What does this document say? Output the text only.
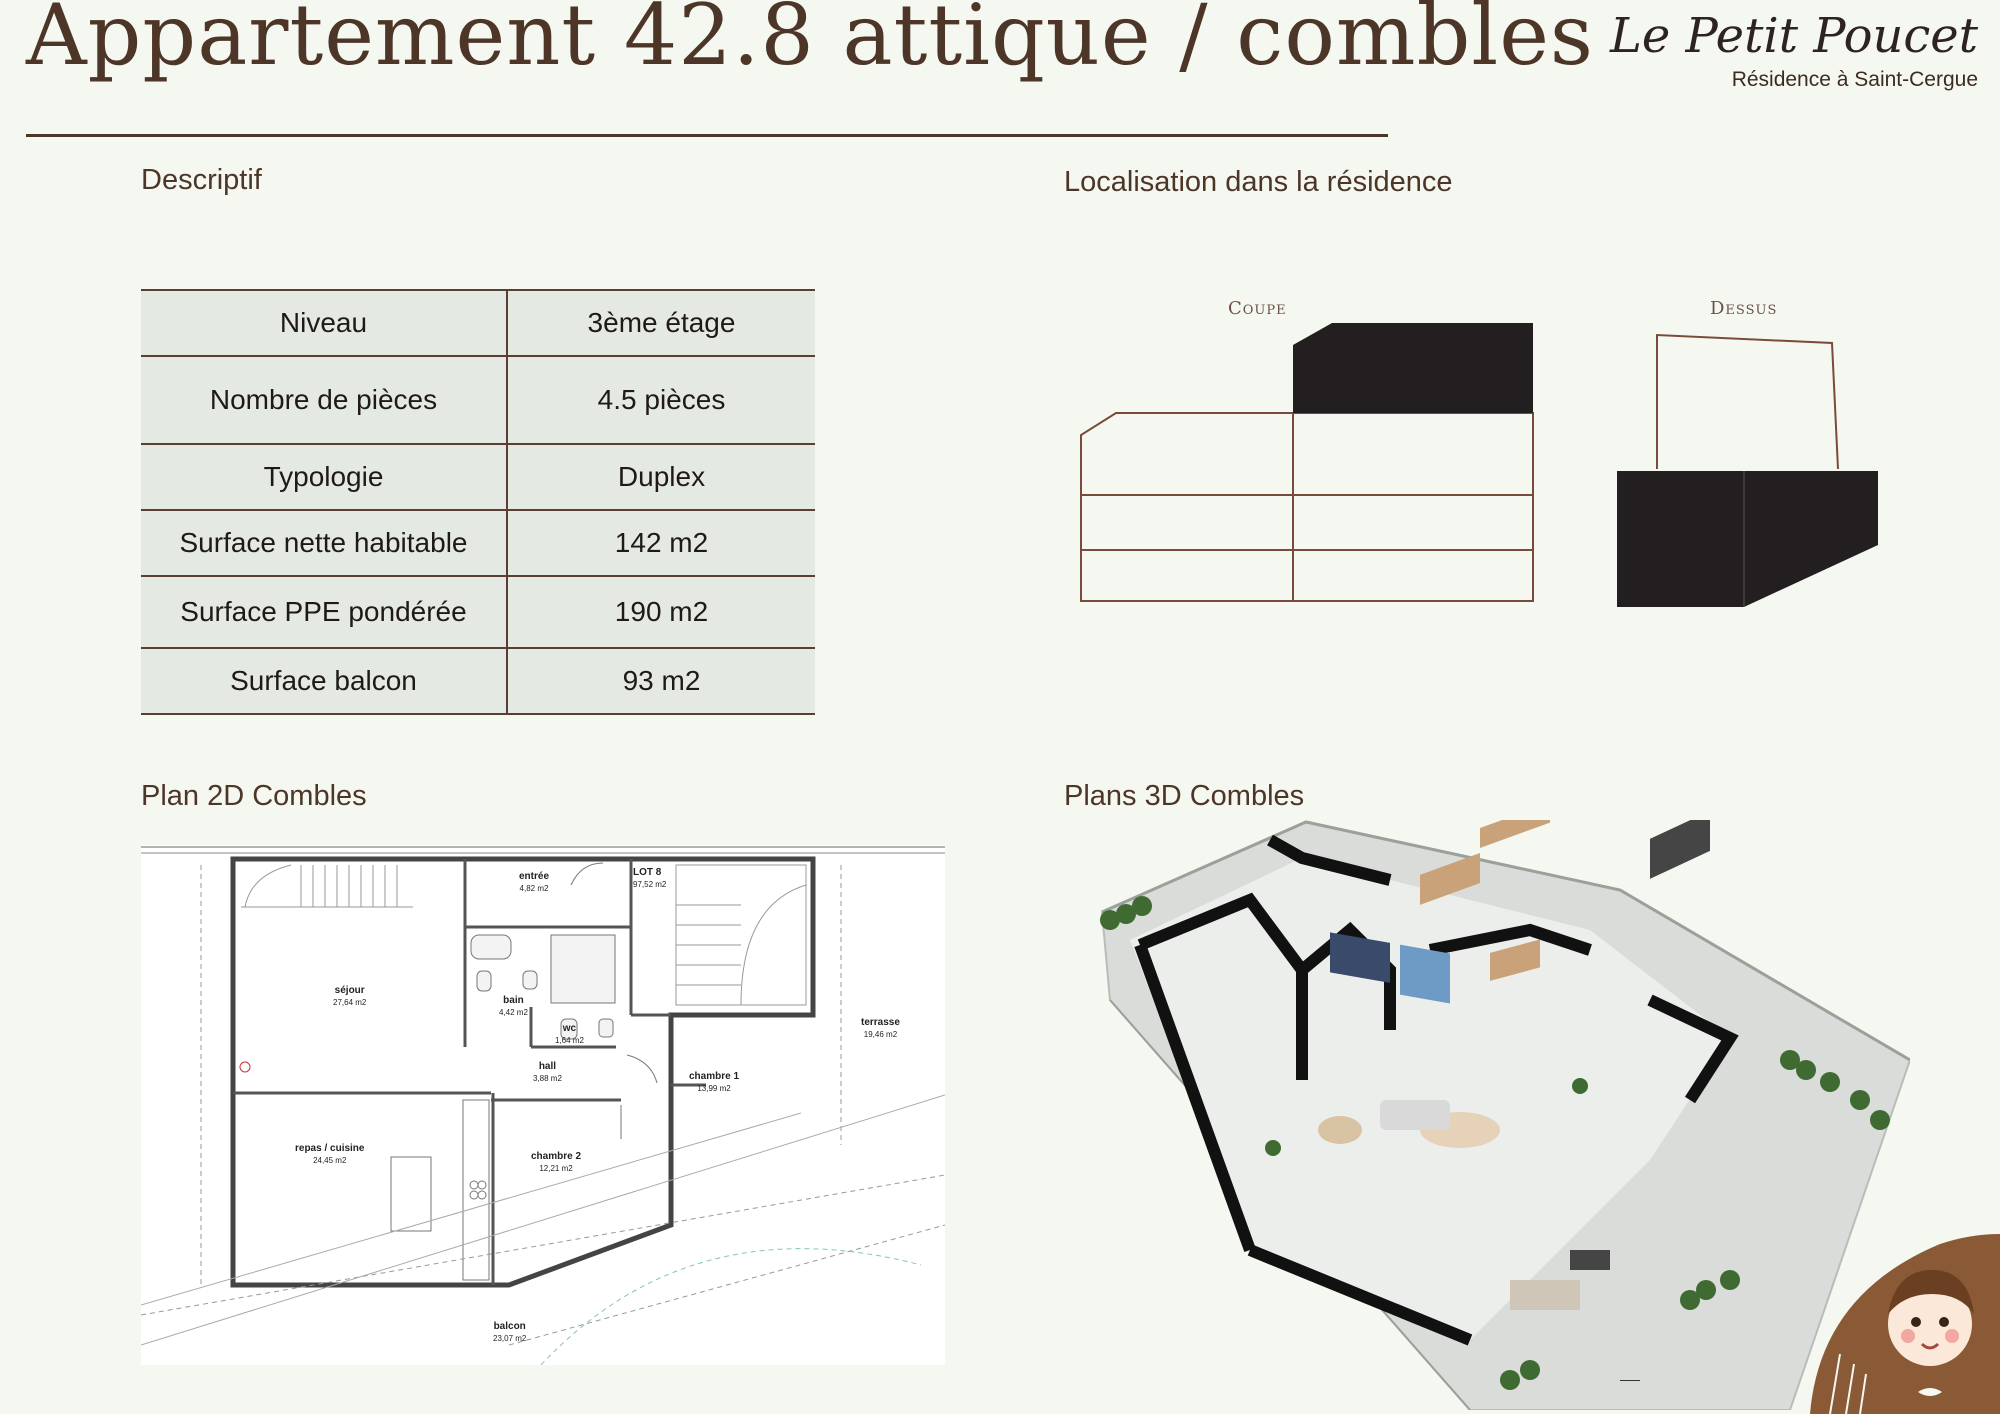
Appartement 42.8 attique / combles Le Petit Poucet
Résidence à Saint-Cergue
Descriptif	Localisation dans la résidence
Plan 2D Combles	Plans 3D Combles
Niveau	3ème étage
Nombre de pièces	4.5 pièces
Typologie	Duplex
Surface nette habitable	142 m2
Surface PPE pondérée	190 m2
Surface balcon	93 m2
Coupe	Dessus
entrée
4,82 m2
séjour
27,64 m2	bain
4,42 m2
wc
1,64 m2
hall
3,88 m2	chambre 1
13,99 m2
terrasse
19,46 m2
repas / cuisine
24,45 m2	chambre 2
12,21 m2
balcon
23,07 m2
LOT 8
97,52 m2
